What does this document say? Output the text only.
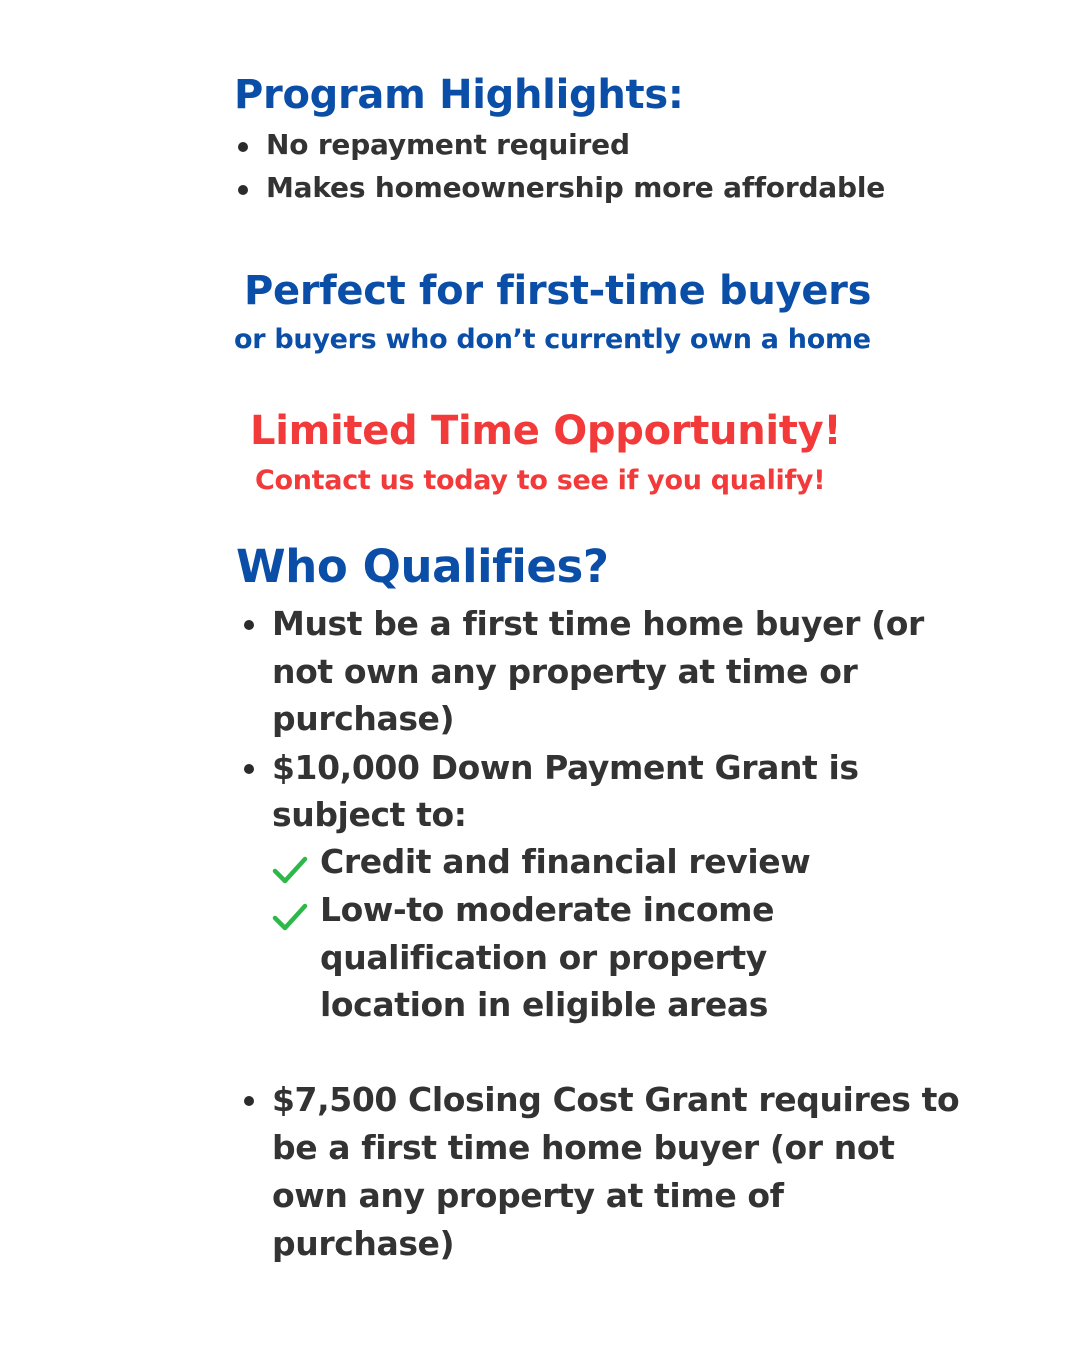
Program Highlights:
No repayment required
Makes homeownership more affordable
Perfect for first-time buyers
or buyers who don’t currently own a home
Limited Time Opportunity!
Contact us today to see if you qualify!
Who Qualifies?
Must be a first time home buyer (or
not own any property at time or
purchase)
$10,000 Down Payment Grant is
subject to:
Credit and financial review
Low-to moderate income
qualification or property
location in eligible areas
$7,500 Closing Cost Grant requires to
be a first time home buyer (or not
own any property at time of
purchase)
